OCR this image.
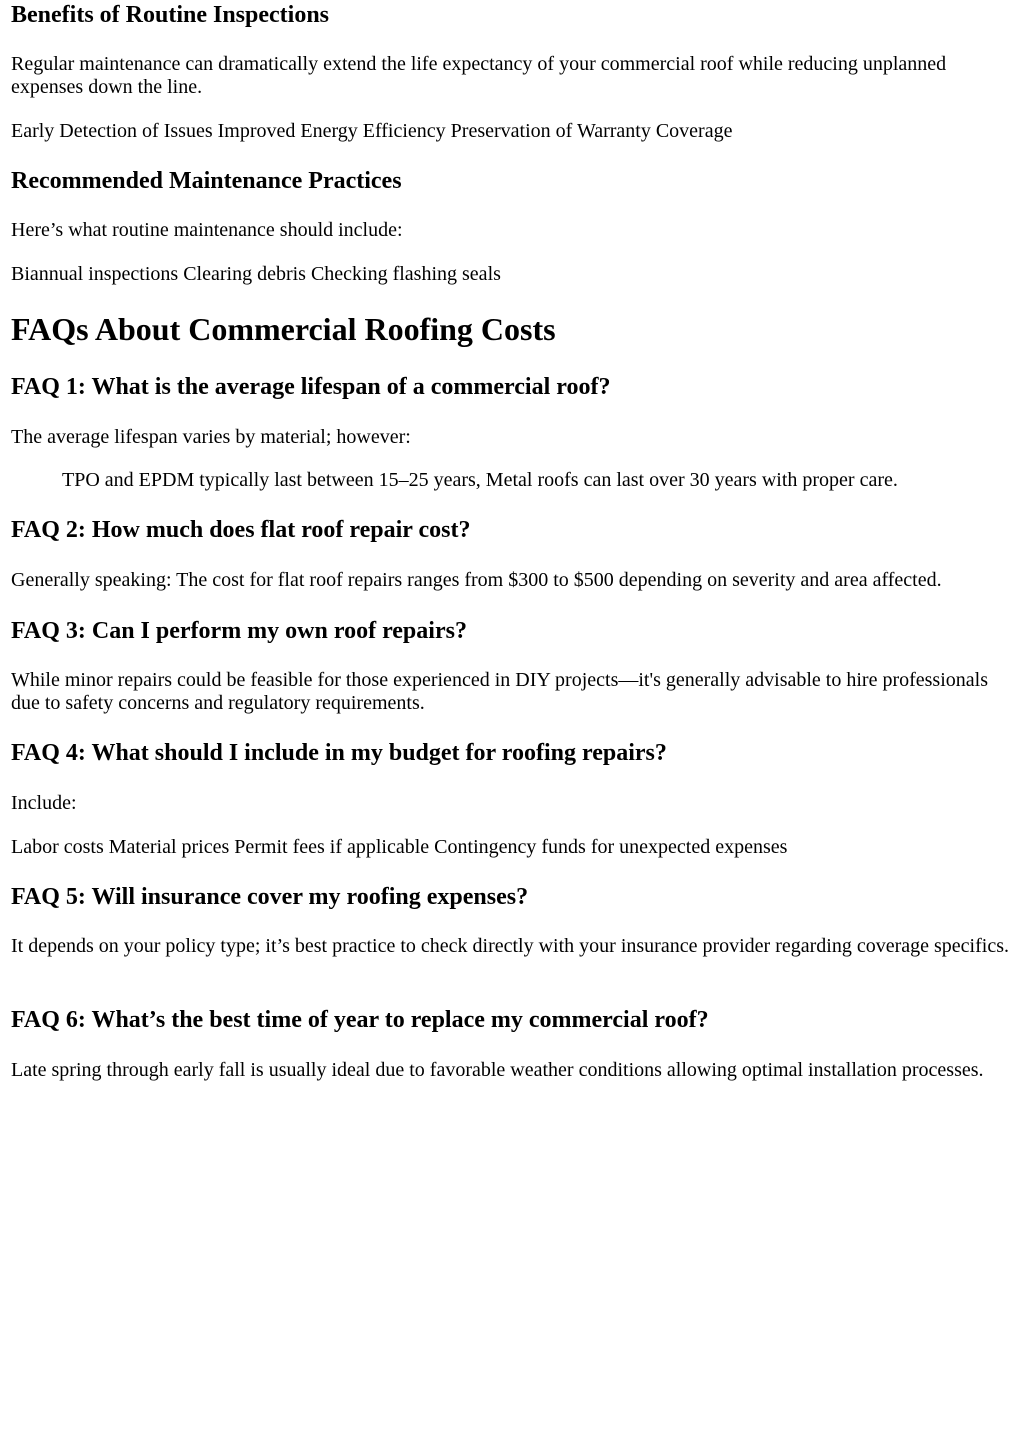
Benefits of Routine Inspections

Regular maintenance can dramatically extend the life expectancy of your commercial roof while reducing unplanned expenses down the line.

Early Detection of Issues Improved Energy Efficiency Preservation of Warranty Coverage

Recommended Maintenance Practices

Here’s what routine maintenance should include:

Biannual inspections Clearing debris Checking flashing seals

FAQs About Commercial Roofing Costs
FAQ 1: What is the average lifespan of a commercial roof?

The average lifespan varies by material; however:

TPO and EPDM typically last between 15–25 years, Metal roofs can last over 30 years with proper care.
FAQ 2: How much does flat roof repair cost?

Generally speaking: The cost for flat roof repairs ranges from $300 to $500 depending on severity and area affected.

FAQ 3: Can I perform my own roof repairs?

While minor repairs could be feasible for those experienced in DIY projects—it's generally advisable to hire professionals due to safety concerns and regulatory requirements.

FAQ 4: What should I include in my budget for roofing repairs?

Include:

Labor costs Material prices Permit fees if applicable Contingency funds for unexpected expenses

FAQ 5: Will insurance cover my roofing expenses?

It depends on your policy type; it’s best practice to check directly with your insurance provider regarding coverage specifics.

FAQ 6: What’s the best time of year to replace my commercial roof?

Late spring through early fall is usually ideal due to favorable weather conditions allowing optimal installation processes.
